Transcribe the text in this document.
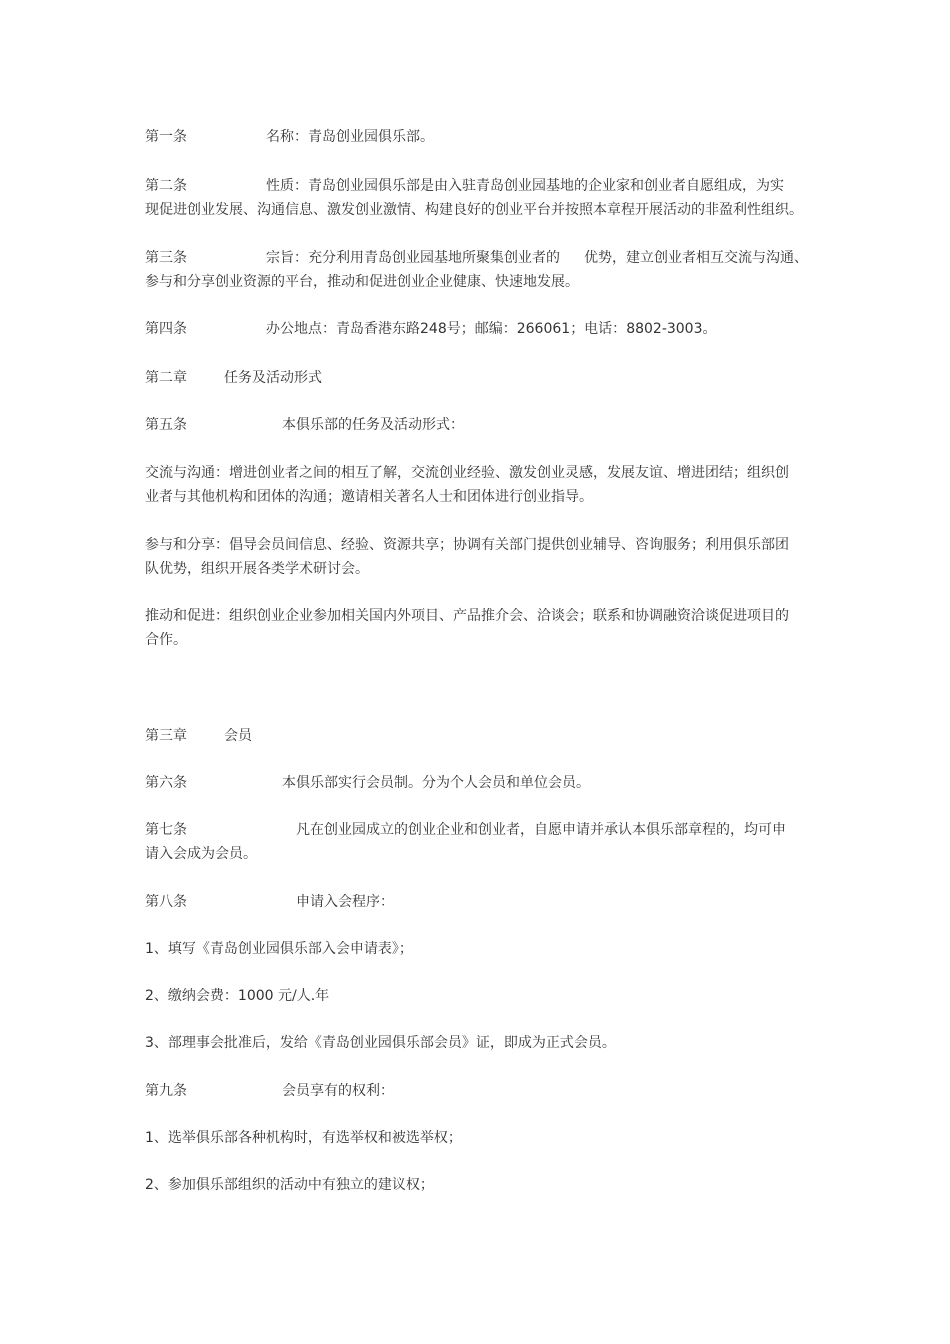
第一条	名称：青岛创业园俱乐部。

第二条	性质：青岛创业园俱乐部是由入驻青岛创业园基地的企业家和创业者自愿组成，为实
现促进创业发展、沟通信息、激发创业激情、构建良好的创业平台并按照本章程开展活动的非盈利性组织。

第三条	宗旨：充分利用青岛创业园基地所聚集创业者的 优势，建立创业者相互交流与沟通、
参与和分享创业资源的平台，推动和促进创业企业健康、快速地发展。

第四条	办公地点：青岛香港东路248号；邮编：266061；电话：8802-3003。

第二章	任务及活动形式

第五条	本俱乐部的任务及活动形式：

交流与沟通：增进创业者之间的相互了解，交流创业经验、激发创业灵感，发展友谊、增进团结；组织创
业者与其他机构和团体的沟通；邀请相关著名人士和团体进行创业指导。

参与和分享：倡导会员间信息、经验、资源共享；协调有关部门提供创业辅导、咨询服务；利用俱乐部团
队优势，组织开展各类学术研讨会。

推动和促进：组织创业企业参加相关国内外项目、产品推介会、洽谈会；联系和协调融资洽谈促进项目的
合作。

第三章	会员

第六条	本俱乐部实行会员制。分为个人会员和单位会员。

第七条	凡在创业园成立的创业企业和创业者，自愿申请并承认本俱乐部章程的，均可申
请入会成为会员。

第八条	申请入会程序：

1、填写《青岛创业园俱乐部入会申请表》；

2、缴纳会费：1000 元/人.年

3、部理事会批准后，发给《青岛创业园俱乐部会员》证，即成为正式会员。

第九条	会员享有的权利：

1、选举俱乐部各种机构时，有选举权和被选举权；

2、参加俱乐部组织的活动中有独立的建议权；
